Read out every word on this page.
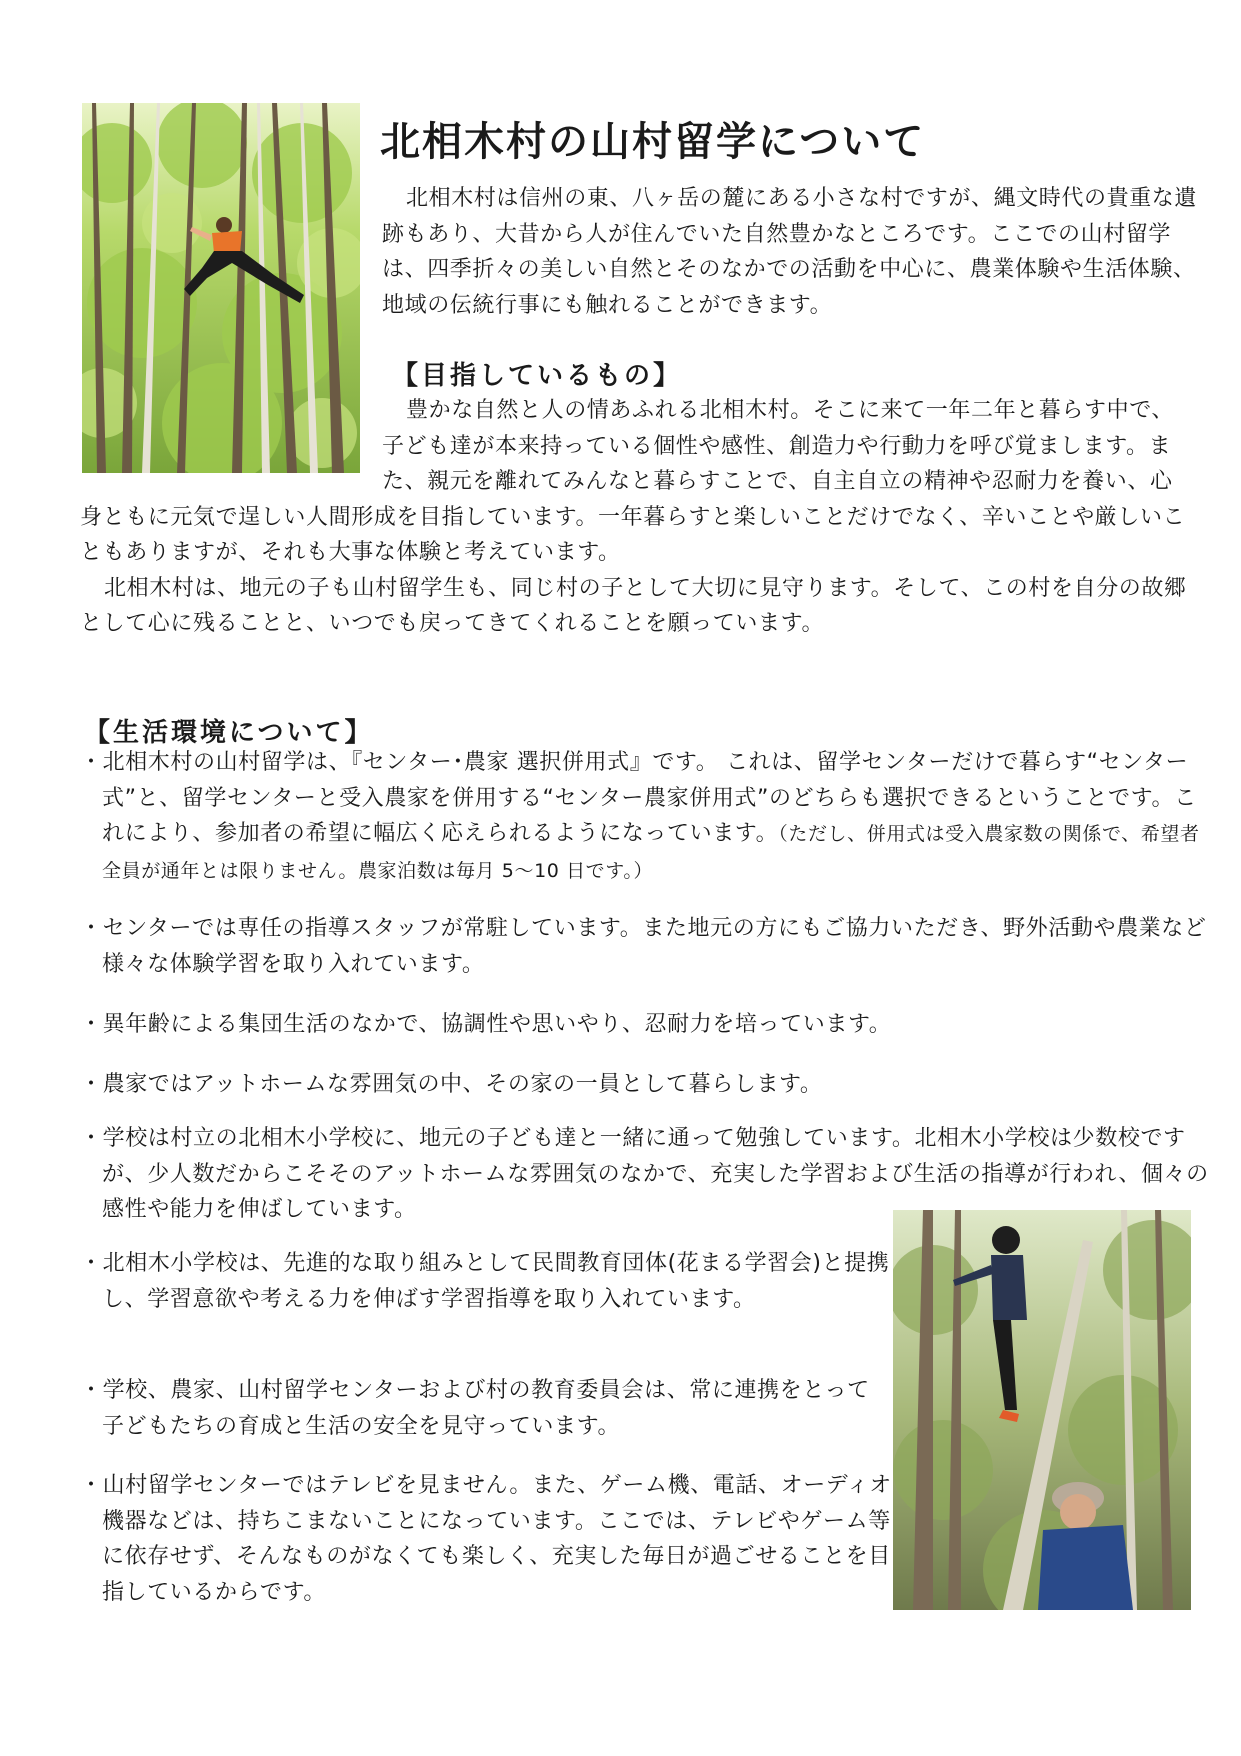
北相木村の山村留学について
北相木村は信州の東、八ヶ岳の麓にある小さな村ですが、縄文時代の貴重な遺跡もあり、大昔から人が住んでいた自然豊かなところです。ここでの山村留学は、四季折々の美しい自然とそのなかでの活動を中心に、農業体験や生活体験、地域の伝統行事にも触れることができます。
【目指しているもの】

豊かな自然と人の情あふれる北相木村。そこに来て一年二年と暮らす中で、子ども達が本来持っている個性や感性、創造力や行動力を呼び覚まします。また、親元を離れてみんなと暮らすことで、自主自立の精神や忍耐力を養い、心身ともに元気で逞しい人間形成を目指しています。一年暮らすと楽しいことだけでなく、辛いことや厳しいこともありますが、それも大事な体験と考えています。

北相木村は、地元の子も山村留学生も、同じ村の子として大切に見守ります。そして、この村を自分の故郷として心に残ることと、いつでも戻ってきてくれることを願っています。

【生活環境について】
・北相木村の山村留学は、『センター･農家 選択併用式』です。 これは、留学センターだけで暮らす“センター式”と、留学センターと受入農家を併用する“センター農家併用式”のどちらも選択できるということです。これにより、参加者の希望に幅広く応えられるようになっています。（ただし、併用式は受入農家数の関係で、希望者全員が通年とは限りません。農家泊数は毎月 5～10 日です。）
・センターでは専任の指導スタッフが常駐しています。また地元の方にもご協力いただき、野外活動や農業など様々な体験学習を取り入れています。
・異年齢による集団生活のなかで、協調性や思いやり、忍耐力を培っています。
・農家ではアットホームな雰囲気の中、その家の一員として暮らします。
・学校は村立の北相木小学校に、地元の子ども達と一緒に通って勉強しています。北相木小学校は少数校ですが、少人数だからこそそのアットホームな雰囲気のなかで、充実した学習および生活の指導が行われ、個々の感性や能力を伸ばしています。
・北相木小学校は、先進的な取り組みとして民間教育団体(花まる学習会)と提携し、学習意欲や考える力を伸ばす学習指導を取り入れています。
・学校、農家、山村留学センターおよび村の教育委員会は、常に連携をとって子どもたちの育成と生活の安全を見守っています。
・山村留学センターではテレビを見ません。また、ゲーム機、電話、オーディオ機器などは、持ちこまないことになっています。ここでは、テレビやゲーム等に依存せず、そんなものがなくても楽しく、充実した毎日が過ごせることを目指しているからです。
